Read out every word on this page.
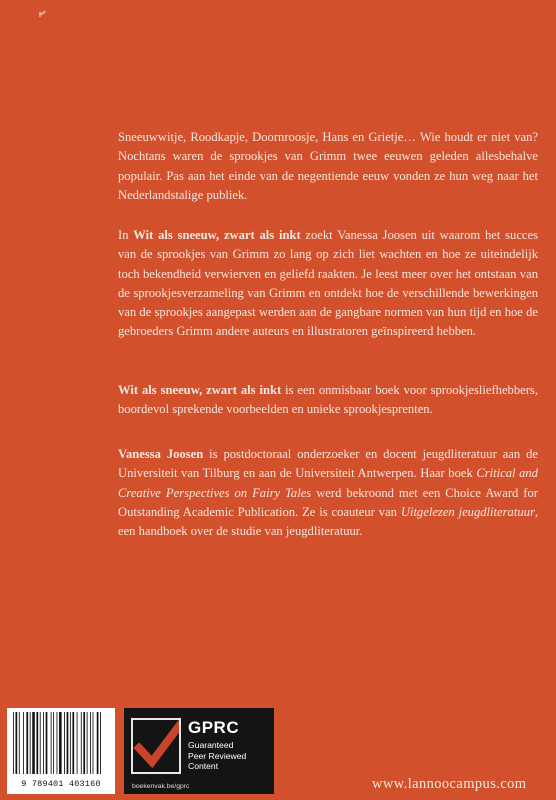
Sneeuwwitje, Roodkapje, Doornroosje, Hans en Grietje… Wie houdt er niet van? Nochtans waren de sprookjes van Grimm twee eeuwen geleden allesbehalve populair. Pas aan het einde van de negentiende eeuw vonden ze hun weg naar het Nederlandstalige publiek.

In Wit als sneeuw, zwart als inkt zoekt Vanessa Joosen uit waarom het succes van de sprookjes van Grimm zo lang op zich liet wachten en hoe ze uiteindelijk toch bekendheid verwierven en geliefd raakten. Je leest meer over het ontstaan van de sprookjesverzameling van Grimm en ontdekt hoe de verschillende bewerkingen van de sprookjes aangepast werden aan de gangbare normen van hun tijd en hoe de gebroeders Grimm andere auteurs en illustratoren geïnspireerd hebben.

Wit als sneeuw, zwart als inkt is een onmisbaar boek voor sprookjesliefhebbers, boordevol sprekende voorbeelden en unieke sprookjesprenten.

Vanessa Joosen is postdoctoraal onderzoeker en docent jeugdliteratuur aan de Universiteit van Tilburg en aan de Universiteit Antwerpen. Haar boek Critical and Creative Perspectives on Fairy Tales werd bekroond met een Choice Award for Outstanding Academic Publication. Ze is coauteur van Uitgelezen jeugdliteratuur, een handboek over de studie van jeugdliteratuur.

9 789401 403160
GPRC
Guaranteed
Peer Reviewed
Content
boekenvak.be/gprc	www.lannoocampus.com
